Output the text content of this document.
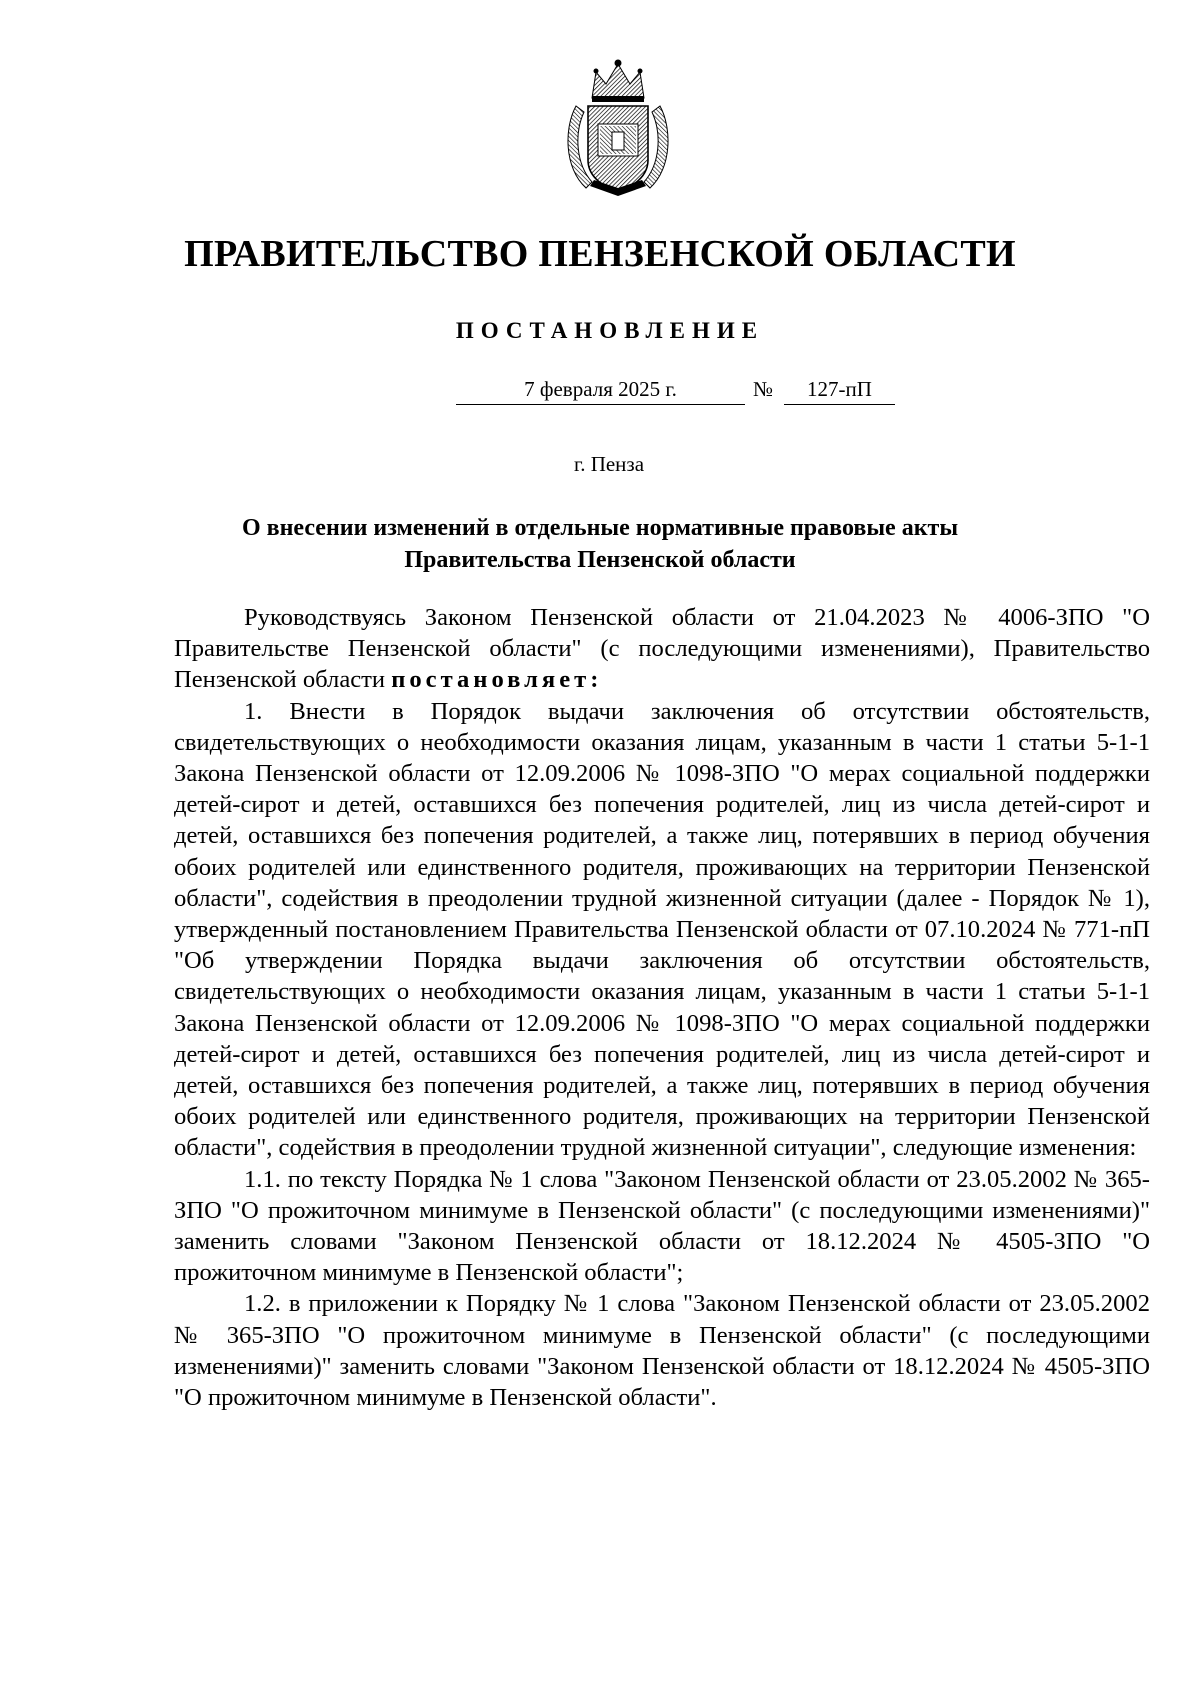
ПРАВИТЕЛЬСТВО ПЕНЗЕНСКОЙ ОБЛАСТИ
ПОСТАНОВЛЕНИЕ
7 февраля 2025 г.	№	127-пП
г. Пенза
О внесении изменений в отдельные нормативные правовые акты
Правительства Пензенской области

Руководствуясь Законом Пензенской области от 21.04.2023 № 4006-ЗПО "О Правительстве Пензенской области" (с последующими изменениями), Правительство Пензенской области постановляет:

1. Внести в Порядок выдачи заключения об отсутствии обстоятельств, свидетельствующих о необходимости оказания лицам, указанным в части 1 статьи 5-1-1 Закона Пензенской области от 12.09.2006 № 1098-ЗПО "О мерах социальной поддержки детей-сирот и детей, оставшихся без попечения родителей, лиц из числа детей-сирот и детей, оставшихся без попечения родителей, а также лиц, потерявших в период обучения обоих родителей или единственного родителя, проживающих на территории Пензенской области", содействия в преодолении трудной жизненной ситуации (далее - Порядок № 1), утвержденный постановлением Правительства Пензенской области от 07.10.2024 № 771-пП "Об утверждении Порядка выдачи заключения об отсутствии обстоятельств, свидетельствующих о необходимости оказания лицам, указанным в части 1 статьи 5-1-1 Закона Пензенской области от 12.09.2006 № 1098-ЗПО "О мерах социальной поддержки детей-сирот и детей, оставшихся без попечения родителей, лиц из числа детей-сирот и детей, оставшихся без попечения родителей, а также лиц, потерявших в период обучения обоих родителей или единственного родителя, проживающих на территории Пензенской области", содействия в преодолении трудной жизненной ситуации", следующие изменения:

1.1. по тексту Порядка № 1 слова "Законом Пензенской области от 23.05.2002 № 365-ЗПО "О прожиточном минимуме в Пензенской области" (с последующими изменениями)" заменить словами "Законом Пензенской области от 18.12.2024 № 4505-ЗПО "О прожиточном минимуме в Пензенской области";

1.2. в приложении к Порядку № 1 слова "Законом Пензенской области от 23.05.2002 № 365-ЗПО "О прожиточном минимуме в Пензенской области" (с последующими изменениями)" заменить словами "Законом Пензенской области от 18.12.2024 № 4505-ЗПО "О прожиточном минимуме в Пензенской области".
